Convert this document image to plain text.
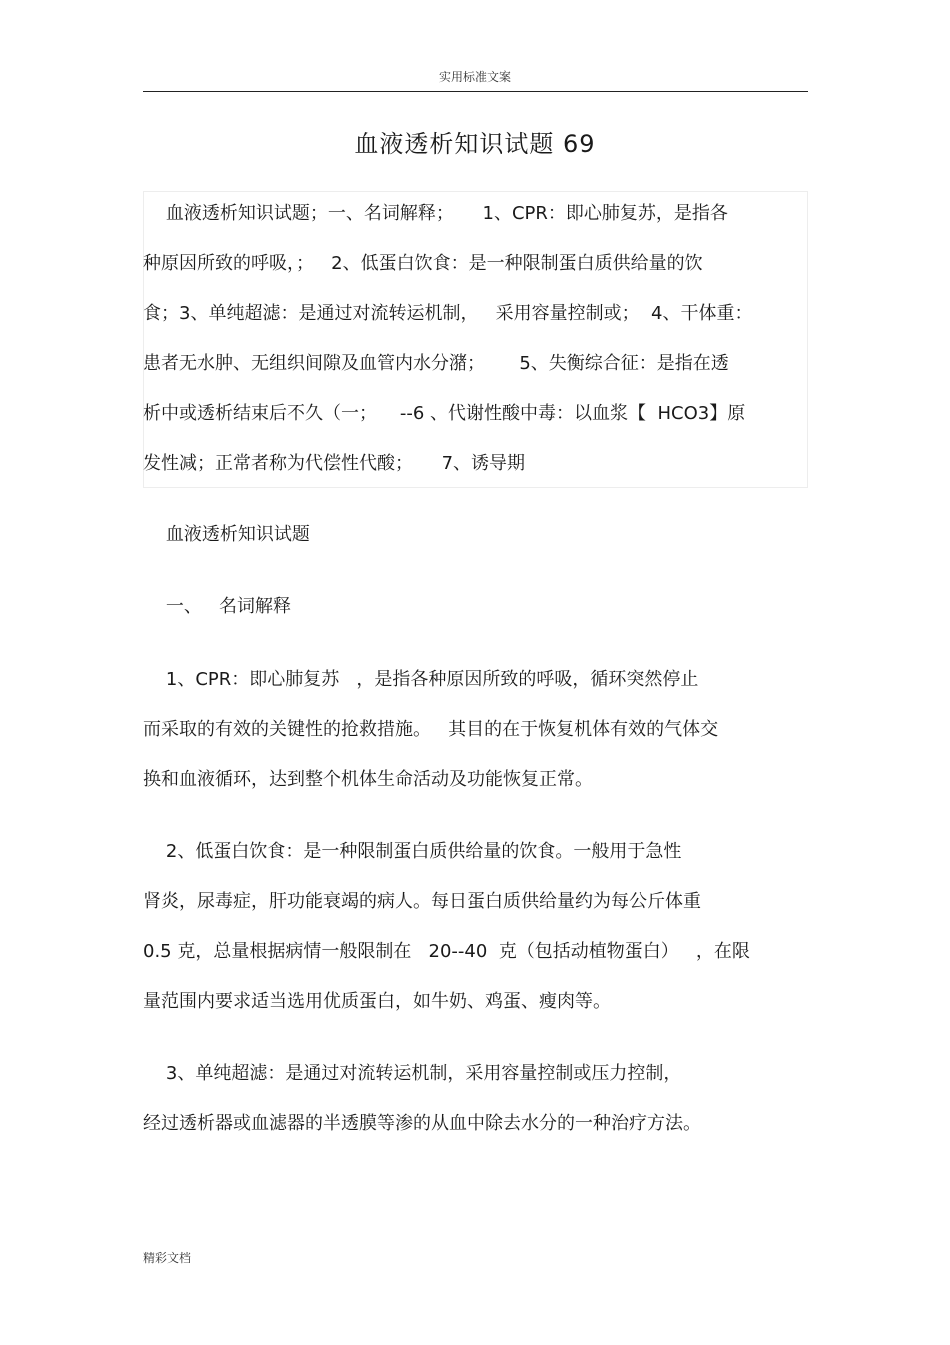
实用标准文案
血液透析知识试题 69
血液透析知识试题；一、名词解释；     1、CPR：即心肺复苏，是指各
种原因所致的呼吸，；   2、低蛋白饮食：是一种限制蛋白质供给量的饮
食；3、单纯超滤：是通过对流转运机制，   采用容量控制或；  4、干体重：
患者无水肿、无组织间隙及血管内水分潴；      5、失衡综合征：是指在透
析中或透析结束后不久（一；    --6 、代谢性酸中毒：以血浆【  HCO3】原
发性减；正常者称为代偿性代酸；     7、诱导期
血液透析知识试题
一、   名词解释
1、CPR：即心肺复苏   ，是指各种原因所致的呼吸，循环突然停止
而采取的有效的关键性的抢救措施。   其目的在于恢复机体有效的气体交
换和血液循环，达到整个机体生命活动及功能恢复正常。
2、低蛋白饮食：是一种限制蛋白质供给量的饮食。一般用于急性
肾炎，尿毒症，肝功能衰竭的病人。每日蛋白质供给量约为每公斤体重
0.5 克，总量根据病情一般限制在   20--40  克（包括动植物蛋白）   ，在限
量范围内要求适当选用优质蛋白，如牛奶、鸡蛋、瘦肉等。
3、单纯超滤：是通过对流转运机制，采用容量控制或压力控制，
经过透析器或血滤器的半透膜等渗的从血中除去水分的一种治疗方法。
精彩文档
